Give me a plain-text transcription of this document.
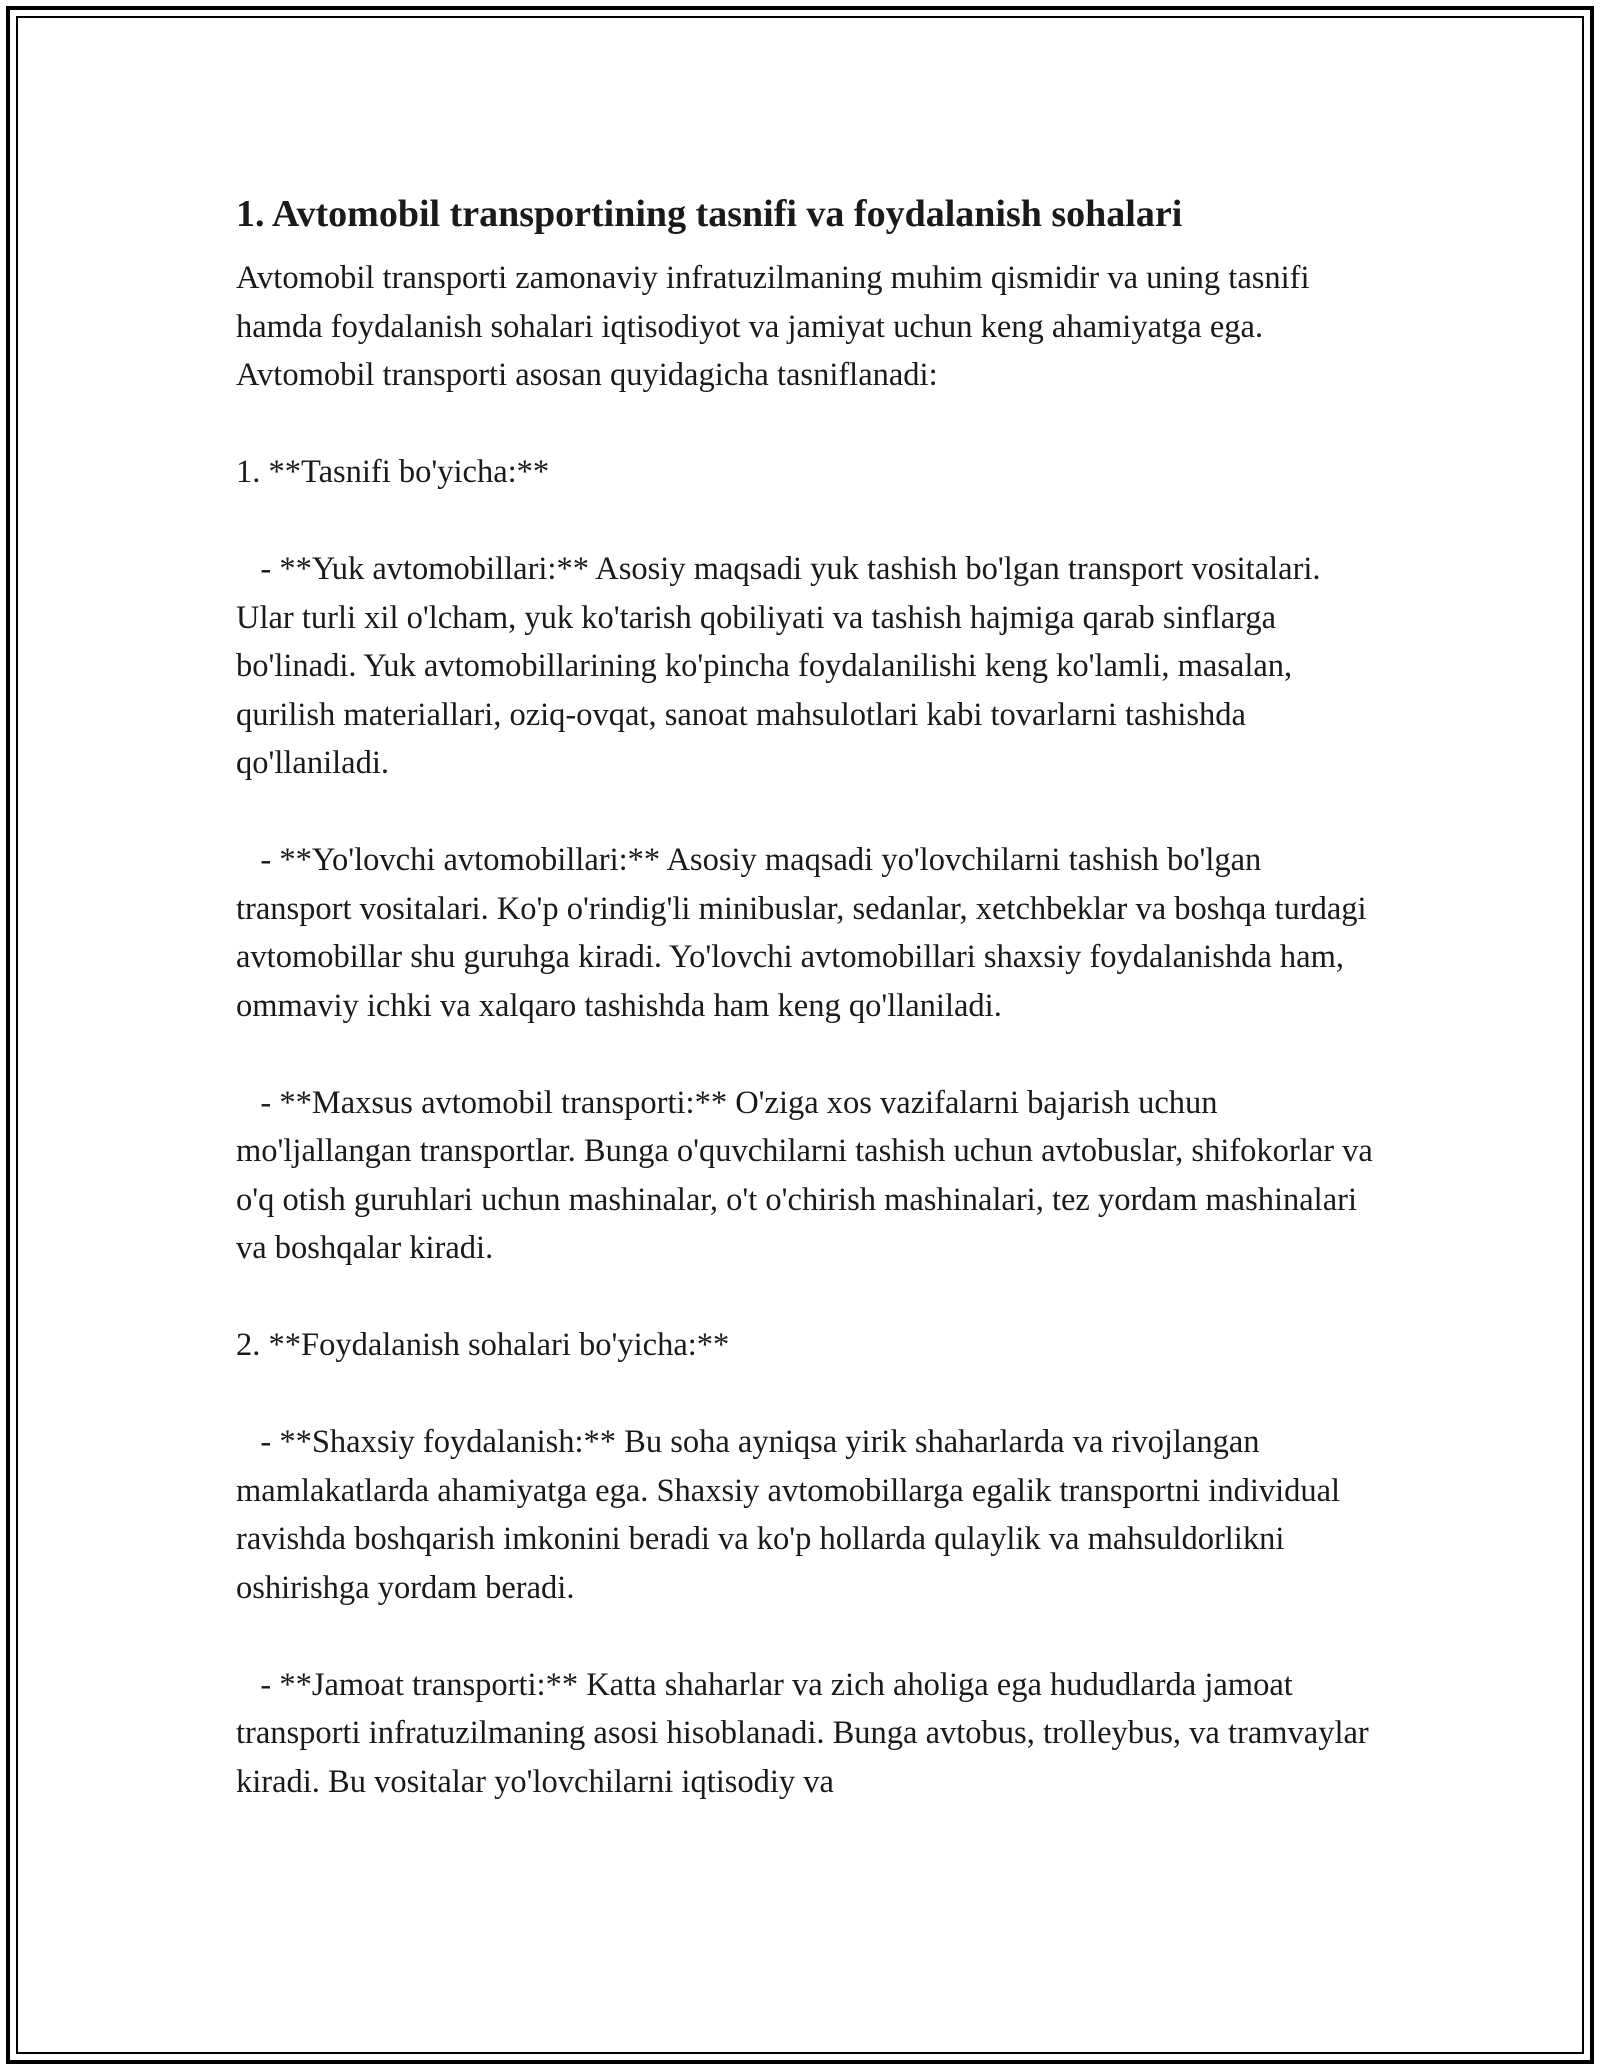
1. Avtomobil transportining tasnifi va foydalanish sohalari

Avtomobil transporti zamonaviy infratuzilmaning muhim qismidir va uning tasnifi hamda foydalanish sohalari iqtisodiyot va jamiyat uchun keng ahamiyatga ega. Avtomobil transporti asosan quyidagicha tasniflanadi:

1. **Tasnifi bo'yicha:**

- **Yuk avtomobillari:** Asosiy maqsadi yuk tashish bo'lgan transport vositalari. Ular turli xil o'lcham, yuk ko'tarish qobiliyati va tashish hajmiga qarab sinflarga bo'linadi. Yuk avtomobillarining ko'pincha foydalanilishi keng ko'lamli, masalan, qurilish materiallari, oziq-ovqat, sanoat mahsulotlari kabi tovarlarni tashishda qo'llaniladi.

- **Yo'lovchi avtomobillari:** Asosiy maqsadi yo'lovchilarni tashish bo'lgan transport vositalari. Ko'p o'rindig'li minibuslar, sedanlar, xetchbeklar va boshqa turdagi avtomobillar shu guruhga kiradi. Yo'lovchi avtomobillari shaxsiy foydalanishda ham, ommaviy ichki va xalqaro tashishda ham keng qo'llaniladi.

- **Maxsus avtomobil transporti:** O'ziga xos vazifalarni bajarish uchun mo'ljallangan transportlar. Bunga o'quvchilarni tashish uchun avtobuslar, shifokorlar va o'q otish guruhlari uchun mashinalar, o't o'chirish mashinalari, tez yordam mashinalari va boshqalar kiradi.

2. **Foydalanish sohalari bo'yicha:**

- **Shaxsiy foydalanish:** Bu soha ayniqsa yirik shaharlarda va rivojlangan mamlakatlarda ahamiyatga ega. Shaxsiy avtomobillarga egalik transportni individual ravishda boshqarish imkonini beradi va ko'p hollarda qulaylik va mahsuldorlikni oshirishga yordam beradi.

- **Jamoat transporti:** Katta shaharlar va zich aholiga ega hududlarda jamoat transporti infratuzilmaning asosi hisoblanadi. Bunga avtobus, trolleybus, va tramvaylar kiradi. Bu vositalar yo'lovchilarni iqtisodiy va
